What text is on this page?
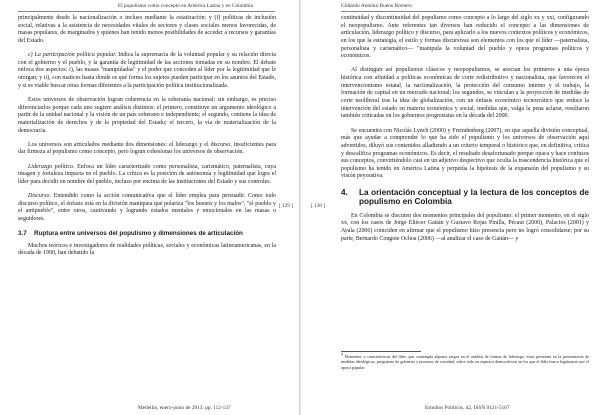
El populismo como concepto en América Latina y en Colombia
[ 129 ]

principalmente desde la nacionalización o incluso mediante la estatización; y (f) políticas de inclusión social, relativas a la asistencia de necesidades vitales de sectores y clases sociales menos favorecidas, de masas populares, de marginados y quienes han tenido menos posibilidades de acceder a recursos y garantías del Estado.

c) La participación política popular. Indica la supremacía de la voluntad popular y su relación directa con el gobierno y el pueblo, y la garantía de legitimidad de las acciones tomadas en su nombre. El debate enfoca dos aspectos: i), las masas "manipuladas" y el poder que conceden al líder por la legitimidad que le otorgan; y ii), con matices hasta donde es qué forma los sujetos pueden participar en los asuntos del Estado, y si es viable buscar otras formas diferentes a la participación política institucionalizada.

Estos universos de observación logran coherencia en la soberanía nacional; sin embargo, es preciso diferenciarlos porque cada uno sugiere análisis distintos: el primero, constituye un argumento ideológico a partir de la unidad nacional y la visión de un país soberano e independiente; el segundo, contiene la idea de materialización de derechos y de la propiedad del Estado; el tercero, la vía de materialización de la democracia.

Los universos son articulados mediante dos dimensiones: el liderazgo y el discurso, insuficientes para dar firmeza al populismo como concepto, pero logran cohesionar los universos de observación.

Liderazgo político. Enfoca un líder caracterizado como personalista, carismático, paternalista, cuya imagen y fortaleza impacta en el pueblo. La crítica es la posición de autonomía y legitimidad que logra el líder para decidir en nombre del pueblo, incluso por encima de las instituciones del Estado y sus controles.

Discurso. Entendido como la acción comunicativa que el líder emplea para persuadir. Como todo discurso político, el énfasis está en la división maniquea que polariza "los buenos y los malos", "el pueblo y el antipueblo", entre otros, cautivando y logrando estados mentales y emocionales en las masas o seguidores.

3.7	Ruptura entre universos del populismo y dimensiones de articulación

Muchos teóricos e investigadores de realidades políticas, sociales y económicas latinoamericanas, en la década de 1990, han debatido la

Medellín, enero-junio de 2013: pp. 112-137
Gildardo Antonio Bueno Romero
[ 130 ]

continuidad y discontinuidad del populismo como concepto a lo largo del siglo xx y xxi, configurando el neopopulismo. Ante referentes tan diversos han reducido el concepto a las dimensiones de articulación, liderazgo político y discurso, para aplicarlo a los nuevos contextos políticos y económicos, en los que la estrategia, el estilo y formas discursivas son elementos con los que el líder —paternalista, personalista y carismático— "manipula la voluntad del pueblo y opera programas políticos y económicos.

Al distinguir así populismos clásicos y neopopulismos, se asocian los primeros a una época histórica con afinidad a políticas económicas de corte redistributivo y nacionalista, que favorecen el intervencionismo estatal, la nacionalización, la protección del consumo interno y el trabajo, la formación de capital en un mercado nacional; los segundos, se vinculan a la proyección de medidas de corte neoliberal tras la idea de globalización, con un énfasis económico tecnocrático que reduce la intervención del estado en materia económica y social, medidas que, valga la pena aclarar, resultaron también criticadas en los gobiernos progresistas en la década del 2000.

Se encuentra con Nicolás Lynch (2000) y Freindenberg (2007), en que aquella división conceptual, más que ayudar a comprender lo que ha sido el populismo y los universos de observación aquí advertidos, diluyó sus contenidos alladiendo a un criterio temporal o histórico que, en definitiva, critica y descalifica programas económicos. Es decir, el resultado desafortunado porque opaca y hace confusos sus conceptos, convirtiéndolo casi en un adjetivo despectivo que oculta la trascendencia histórica que el populismo ha tenido en América Latina y perpetúa la hipótesis de la expansión del populismo y su visión peyorativa.

4.	La orientación conceptual y la lectura de los conceptos de populismo en Colombia

En Colombia se discuten dos momentos principales del populismo: el primer momento, en el siglo xx, con los casos de Jorge Eliécer Gaitán y Gustavo Rojas Pinilla, Pécaut (2000), Palacios (2001) y Ayala (2006) coinciden en afirmar que el populismo hizo presencia pero no logró consolidarse; por su parte, Bernardo Congote Ochoa (2006) —al analizar el caso de Gaitán— y

4 Elementos y características del líder, que contempla algunos rasgos en el análisis de formas de liderazgo, estas presentes en la presentación de medidas ideológicas, programas de gobierno y procesos de sociedad, sobre todo en espacios democráticos en los que el líder busca legitimarse por el apoyo popular.
Estudios Políticos, 42, ISSN 0121-5167
